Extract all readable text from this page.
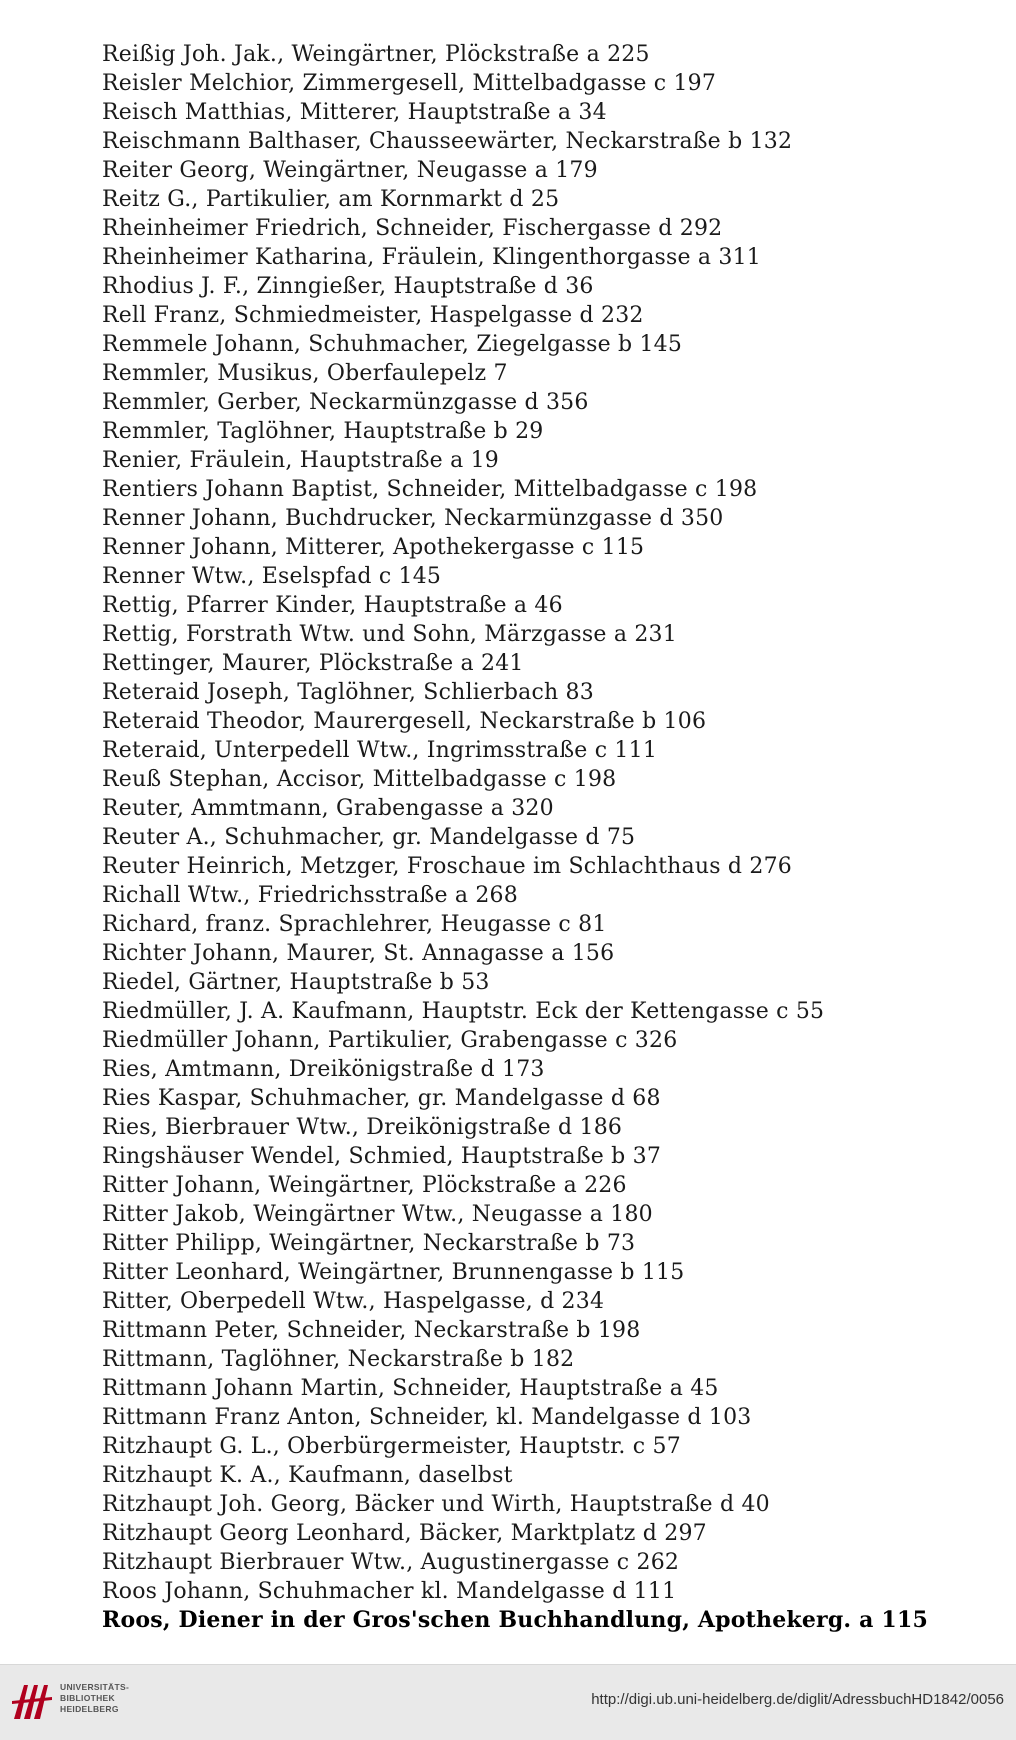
Reißig Joh. Jak., Weingärtner, Plöckstraße a 225
Reisler Melchior, Zimmergesell, Mittelbadgasse c 197
Reisch Matthias, Mitterer, Hauptstraße a 34
Reischmann Balthaser, Chausseewärter, Neckarstraße b 132
Reiter Georg, Weingärtner, Neugasse a 179
Reitz G., Partikulier, am Kornmarkt d 25
Rheinheimer Friedrich, Schneider, Fischergasse d 292
Rheinheimer Katharina, Fräulein, Klingenthorgasse a 311
Rhodius J. F., Zinngießer, Hauptstraße d 36
Rell Franz, Schmiedmeister, Haspelgasse d 232
Remmele Johann, Schuhmacher, Ziegelgasse b 145
Remmler, Musikus, Oberfaulepelz 7
Remmler, Gerber, Neckarmünzgasse d 356
Remmler, Taglöhner, Hauptstraße b 29
Renier, Fräulein, Hauptstraße a 19
Rentiers Johann Baptist, Schneider, Mittelbadgasse c 198
Renner Johann, Buchdrucker, Neckarmünzgasse d 350
Renner Johann, Mitterer, Apothekergasse c 115
Renner Wtw., Eselspfad c 145
Rettig, Pfarrer Kinder, Hauptstraße a 46
Rettig, Forstrath Wtw. und Sohn, Märzgasse a 231
Rettinger, Maurer, Plöckstraße a 241
Reteraid Joseph, Taglöhner, Schlierbach 83
Reteraid Theodor, Maurergesell, Neckarstraße b 106
Reteraid, Unterpedell Wtw., Ingrimsstraße c 111
Reuß Stephan, Accisor, Mittelbadgasse c 198
Reuter, Ammtmann, Grabengasse a 320
Reuter A., Schuhmacher, gr. Mandelgasse d 75
Reuter Heinrich, Metzger, Froschaue im Schlachthaus d 276
Richall Wtw., Friedrichsstraße a 268
Richard, franz. Sprachlehrer, Heugasse c 81
Richter Johann, Maurer, St. Annagasse a 156
Riedel, Gärtner, Hauptstraße b 53
Riedmüller, J. A. Kaufmann, Hauptstr. Eck der Kettengasse c 55
Riedmüller Johann, Partikulier, Grabengasse c 326
Ries, Amtmann, Dreikönigstraße d 173
Ries Kaspar, Schuhmacher, gr. Mandelgasse d 68
Ries, Bierbrauer Wtw., Dreikönigstraße d 186
Ringshäuser Wendel, Schmied, Hauptstraße b 37
Ritter Johann, Weingärtner, Plöckstraße a 226
Ritter Jakob, Weingärtner Wtw., Neugasse a 180
Ritter Philipp, Weingärtner, Neckarstraße b 73
Ritter Leonhard, Weingärtner, Brunnengasse b 115
Ritter, Oberpedell Wtw., Haspelgasse, d 234
Rittmann Peter, Schneider, Neckarstraße b 198
Rittmann, Taglöhner, Neckarstraße b 182
Rittmann Johann Martin, Schneider, Hauptstraße a 45
Rittmann Franz Anton, Schneider, kl. Mandelgasse d 103
Ritzhaupt G. L., Oberbürgermeister, Hauptstr. c 57
Ritzhaupt K. A., Kaufmann, daselbst
Ritzhaupt Joh. Georg, Bäcker und Wirth, Hauptstraße d 40
Ritzhaupt Georg Leonhard, Bäcker, Marktplatz d 297
Ritzhaupt Bierbrauer Wtw., Augustinergasse c 262
Roos Johann, Schuhmacher kl. Mandelgasse d 111
Roos, Diener in der Gros'schen Buchhandlung, Apothekerg. a 115
UNIVERSITÄTS-
BIBLIOTHEK
HEIDELBERG
http://digi.ub.uni-heidelberg.de/diglit/AdressbuchHD1842/0056
